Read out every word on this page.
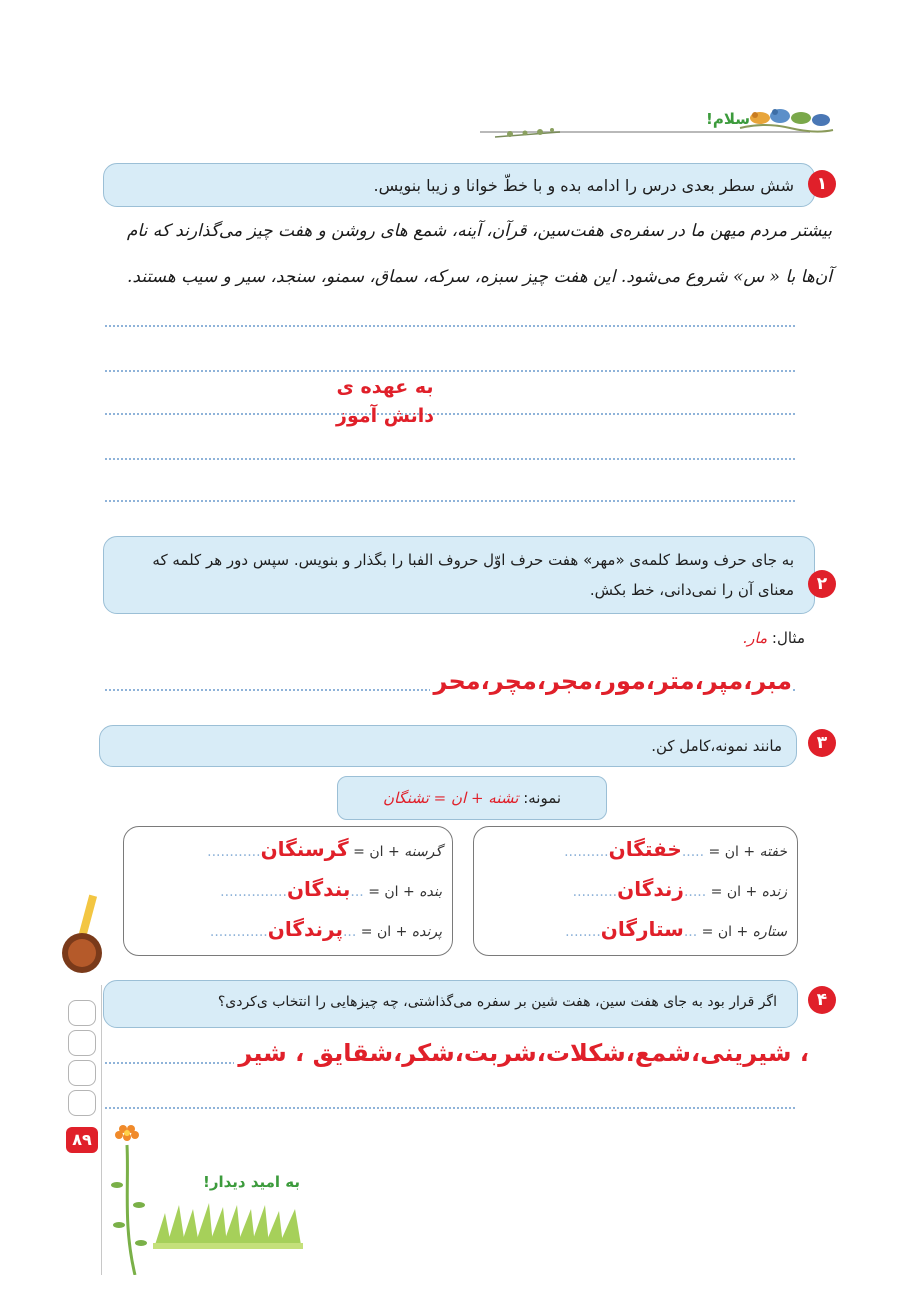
سلام!
شش سطر بعدی درس را ادامه بده و با خطّ خوانا و زیبا بنویس.	۱
بیشتر مردم میهن ما در سفره‌ی هفت‌سین، قرآن، آینه، شمع های روشن و هفت چیز می‌گذارند که نام
آن‌ها با « س» شروع می‌شود. این هفت چیز سبزه، سرکه، سماق، سمنو، سنجد، سیر و سیب هستند.
به عهده ی
دانش آموز
به جای حرف وسط کلمه‌ی «مهر» هفت حرف اوّل حروف الفبا را بگذار و بنویس. سپس دور هر کلمه که
معنای آن را نمی‌دانی، خط بکش.	۲
مثال: مار.
مبر،مپر،متر،مور،مجر،مچر،محر
مانند نمونه،کامل کن.	۳
نمونه: تشنه + ان = تشنگان
خفته + ان = .....خفتگان..........
زنده + ان = .....زندگان..........
ستاره + ان = ...ستارگان........
گرسنه + ان = گرسنگان............
بنده + ان = ...بندگان...............
پرنده + ان = ...پرندگان.............
اگر قرار بود به جای هفت سین، هفت شین بر سفره می‌گذاشتی، چه چیزهایی را انتخاب ی‌کردی؟	۴
، شیرینی،شمع،شکلات،شربت،شکر،شقایق ، شیر
۸۹
به امید دیدار!
